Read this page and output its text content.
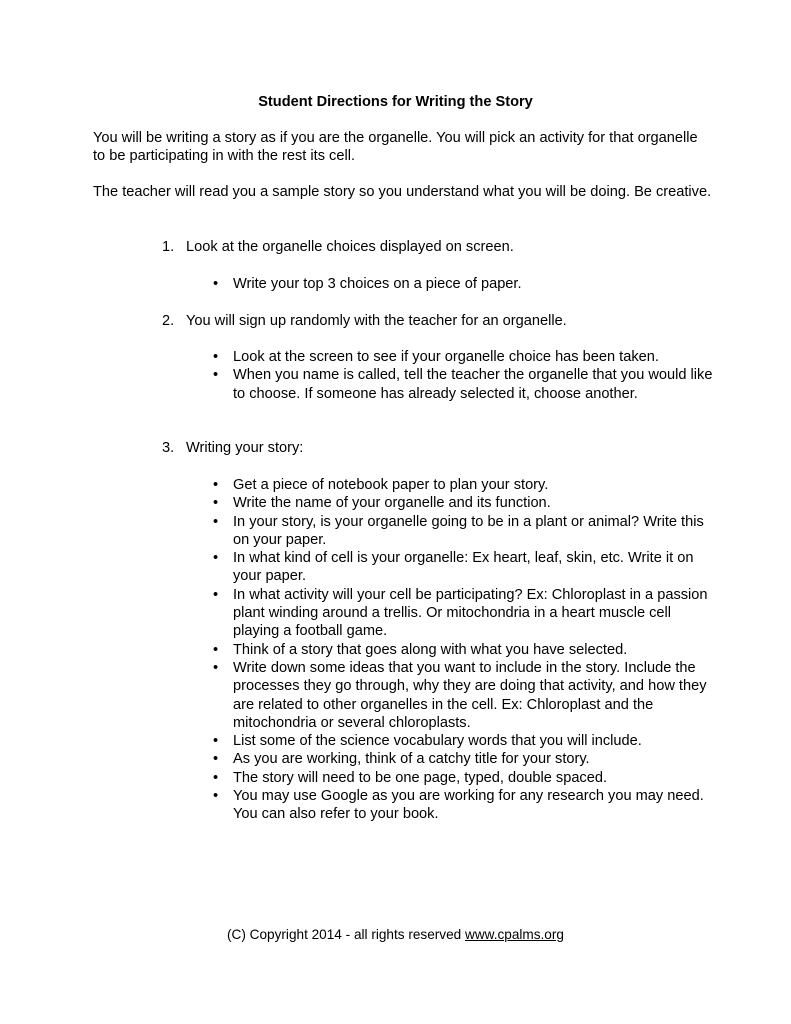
Student Directions for Writing the Story

You will be writing a story as if you are the organelle. You will pick an activity for that organelle to be participating in with the rest its cell.

The teacher will read you a sample story so you understand what you will be doing. Be creative.

1. Look at the organelle choices displayed on screen.
• Write your top 3 choices on a piece of paper.
2. You will sign up randomly with the teacher for an organelle.
• Look at the screen to see if your organelle choice has been taken.
• When you name is called, tell the teacher the organelle that you would like to choose. If someone has already selected it, choose another.
3. Writing your story:
• Get a piece of notebook paper to plan your story.
• Write the name of your organelle and its function.
• In your story, is your organelle going to be in a plant or animal? Write this on your paper.
• In what kind of cell is your organelle: Ex heart, leaf, skin, etc. Write it on your paper.
• In what activity will your cell be participating? Ex: Chloroplast in a passion plant winding around a trellis. Or mitochondria in a heart muscle cell playing a football game.
• Think of a story that goes along with what you have selected.
• Write down some ideas that you want to include in the story. Include the processes they go through, why they are doing that activity, and how they are related to other organelles in the cell. Ex: Chloroplast and the mitochondria or several chloroplasts.
• List some of the science vocabulary words that you will include.
• As you are working, think of a catchy title for your story.
• The story will need to be one page, typed, double spaced.
• You may use Google as you are working for any research you may need. You can also refer to your book.
(C) Copyright 2014 - all rights reserved www.cpalms.org
